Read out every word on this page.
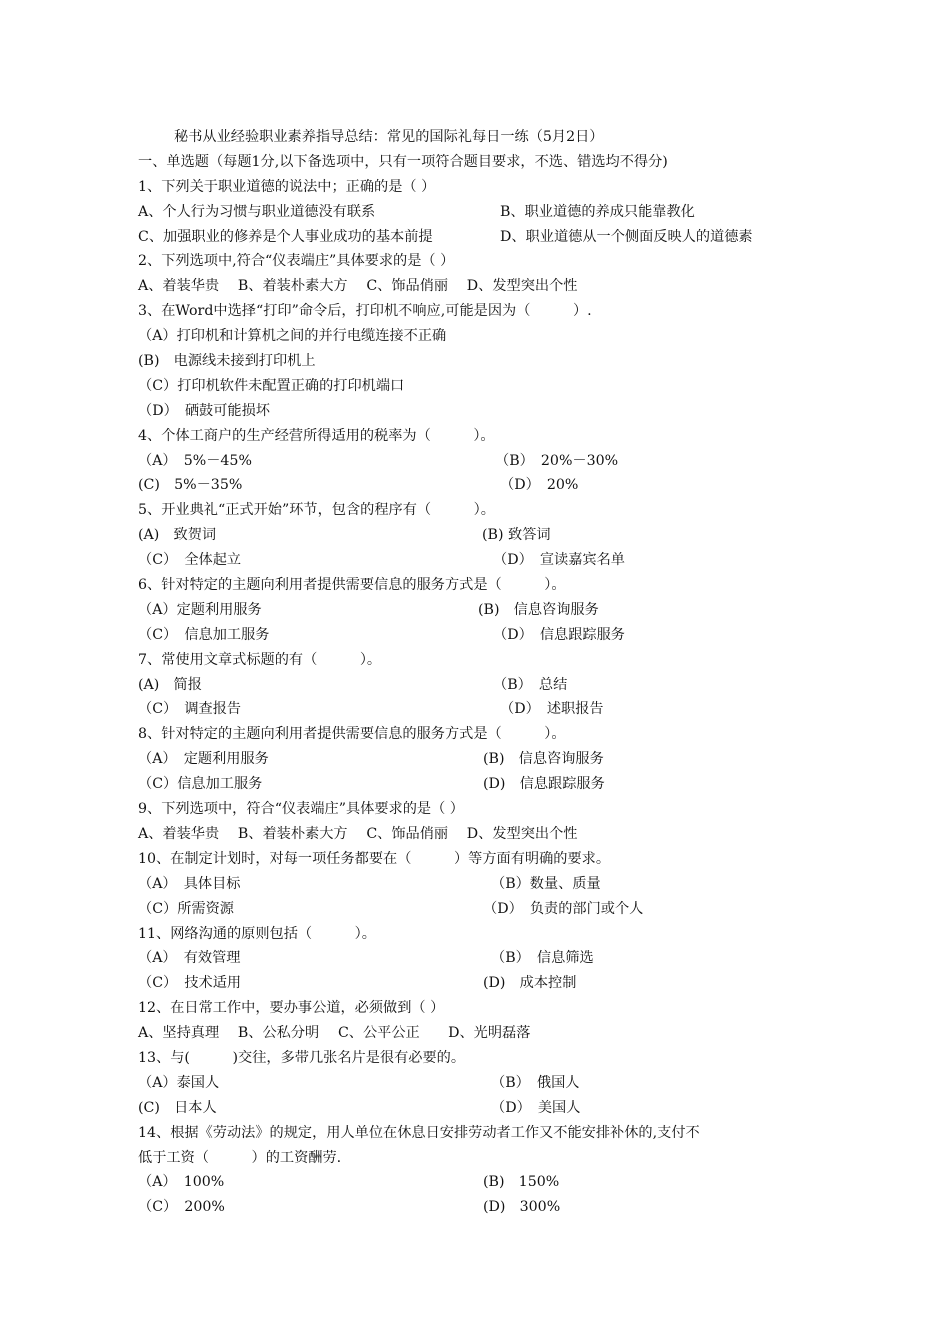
秘书从业经验职业素养指导总结：常见的国际礼每日一练（5月2日）
一、单选题（每题1分,以下备选项中，只有一项符合题目要求，不选、错选均不得分)
1、下列关于职业道德的说法中；正确的是（ ）
A、个人行为习惯与职业道德没有联系	B、职业道德的养成只能靠教化
C、加强职业的修养是个人事业成功的基本前提	D、职业道德从一个侧面反映人的道德素
2、下列选项中,符合“仪表端庄”具体要求的是（ ）
A、着装华贵　 B、着装朴素大方　 C、饰品俏丽　 D、发型突出个性
3、在Word中选择“打印”命令后，打印机不响应,可能是因为（　　　）.
（A）打印机和计算机之间的并行电缆连接不正确
(B)　电源线未接到打印机上
（C）打印机软件未配置正确的打印机端口
（D）　硒鼓可能损坏
4、个体工商户的生产经营所得适用的税率为（　　　）。
（A）　5%－45%	（B）　20%－30%
(C)　5%－35%	（D）　20%
5、开业典礼“正式开始”环节，包含的程序有（　　　）。
(A)　致贺词	(B) 致答词
（C）　全体起立	（D）　宣读嘉宾名单
6、针对特定的主题向利用者提供需要信息的服务方式是（　　　）。
（A）定题利用服务	(B)　信息咨询服务
（C）　信息加工服务	（D）　信息跟踪服务
7、常使用文章式标题的有（　　　）。
(A)　简报	（B）　总结
（C）　调查报告	（D）　述职报告
8、针对特定的主题向利用者提供需要信息的服务方式是（　　　）。
（A）　定题利用服务	(B)　信息咨询服务
（C）信息加工服务	(D)　信息跟踪服务
9、下列选项中，符合“仪表端庄”具体要求的是（ ）
A、着装华贵　 B、着装朴素大方　 C、饰品俏丽　 D、发型突出个性
10、在制定计划时，对每一项任务都要在（　　　）等方面有明确的要求。
（A）　具体目标	（B）数量、质量
（C）所需资源	（D）　负责的部门或个人
11、网络沟通的原则包括（　　　）。
（A）　有效管理	（B）　信息筛选
（C）　技术适用	(D)　成本控制
12、在日常工作中，要办事公道，必须做到（ ）
A、坚持真理　 B、公私分明　 C、公平公正　　D、光明磊落
13、与(　　　)交往，多带几张名片是很有必要的。
（A）泰国人	（B）　俄国人
(C)　日本人	（D）　美国人
14、根据《劳动法》的规定，用人单位在休息日安排劳动者工作又不能安排补休的,支付不
低于工资（　　　）的工资酬劳.
（A）　100%	(B)　150%
（C）　200%	(D)　300%
